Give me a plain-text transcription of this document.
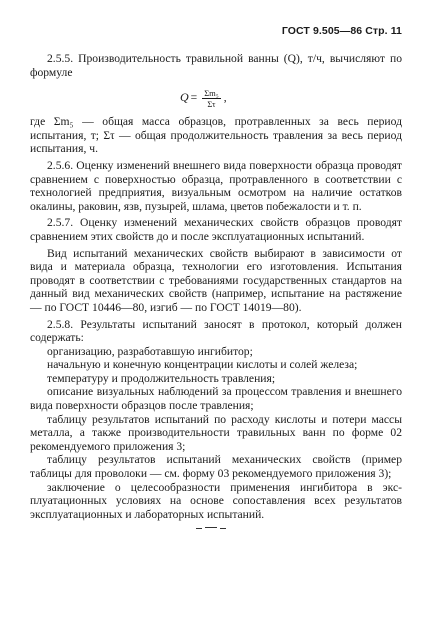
ГОСТ 9.505—86 Стр. 11

2.5.5. Производительность травильной ванны (Q), т/ч, вычисляют по формуле

$Q = \frac{\text{Σm₅}}{\Sigma\tau}$ ,

где Σm₅ — общая масса образцов, протравленных за весь период испытания, т; Στ — общая продолжительность травления за весь период испытания, ч.

2.5.6. Оценку изменений внешнего вида поверхности образца проводят сравнением с поверхностью образца, протравленного в соответствии с технологией предприятия, визуальным осмотром на наличие остатков окалины, раковин, язв, пузырей, шлама, цветов побежалости и т. п.

2.5.7. Оценку изменений механических свойств образцов проводят сравнением этих свойств до и после эксплуатационных испытаний.

Вид испытаний механических свойств выбирают в зависимости от вида и материала образца, технологии его изготовления. Испытания проводят в соответствии с требованиями государственных стандартов на данный вид механических свойств (например, испытание на растяжение — по ГОСТ 10446—80, изгиб — по ГОСТ 14019—80).

2.5.8. Результаты испытаний заносят в протокол, который должен содержать:

организацию, разработавшую ингибитор;

начальную и конечную концентрации кислоты и солей железа;

температуру и продолжительность травления;

описание визуальных наблюдений за процессом травления и внешнего вида поверхности образцов после травления;

таблицу результатов испытаний по расходу кислоты и потери массы металла, а также производительности травильных ванн по форме 02 рекомендуемого приложения 3;

таблицу результатов испытаний механических свойств (пример таблицы для проволоки — см. форму 03 рекомендуемого приложения 3);

заключение о целесообразности применения ингибитора в эксплуатационных условиях на основе сопоставления всех результатов эксплуатационных и лабораторных испытаний.
